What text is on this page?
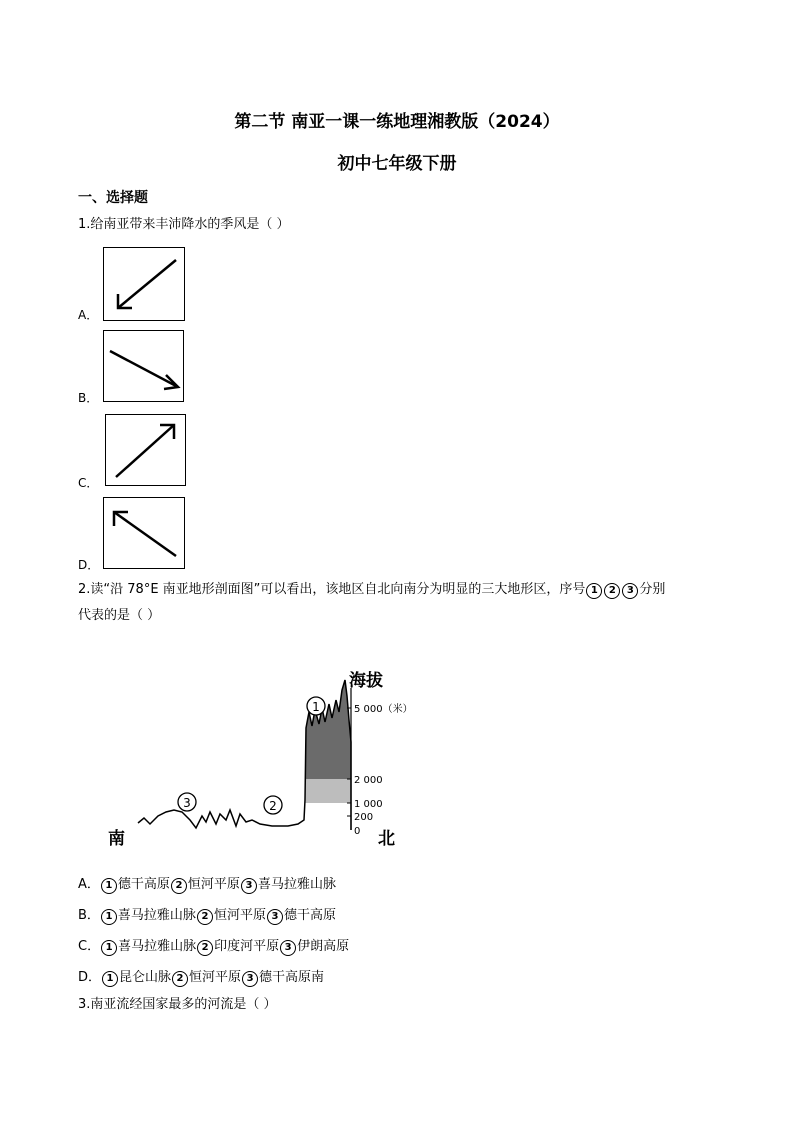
第二节 南亚一课一练地理湘教版（2024）
初中七年级下册
一、选择题
1.给南亚带来丰沛降水的季风是（ ）
A．
B．
C．
D．
2.读“沿 78°E 南亚地形剖面图”可以看出，该地区自北向南分为明显的三大地形区，序号 1 2 3 分别
代表的是（ ）
海拔
5 000（米）
2 000
1 000
200
0
1
2
3
南	北
A． 1 德干高原 2 恒河平原 3 喜马拉雅山脉
B． 1 喜马拉雅山脉 2 恒河平原 3 德干高原
C． 1 喜马拉雅山脉 2 印度河平原 3 伊朗高原
D． 1 昆仑山脉 2 恒河平原 3 德干高原南
3.南亚流经国家最多的河流是（ ）
